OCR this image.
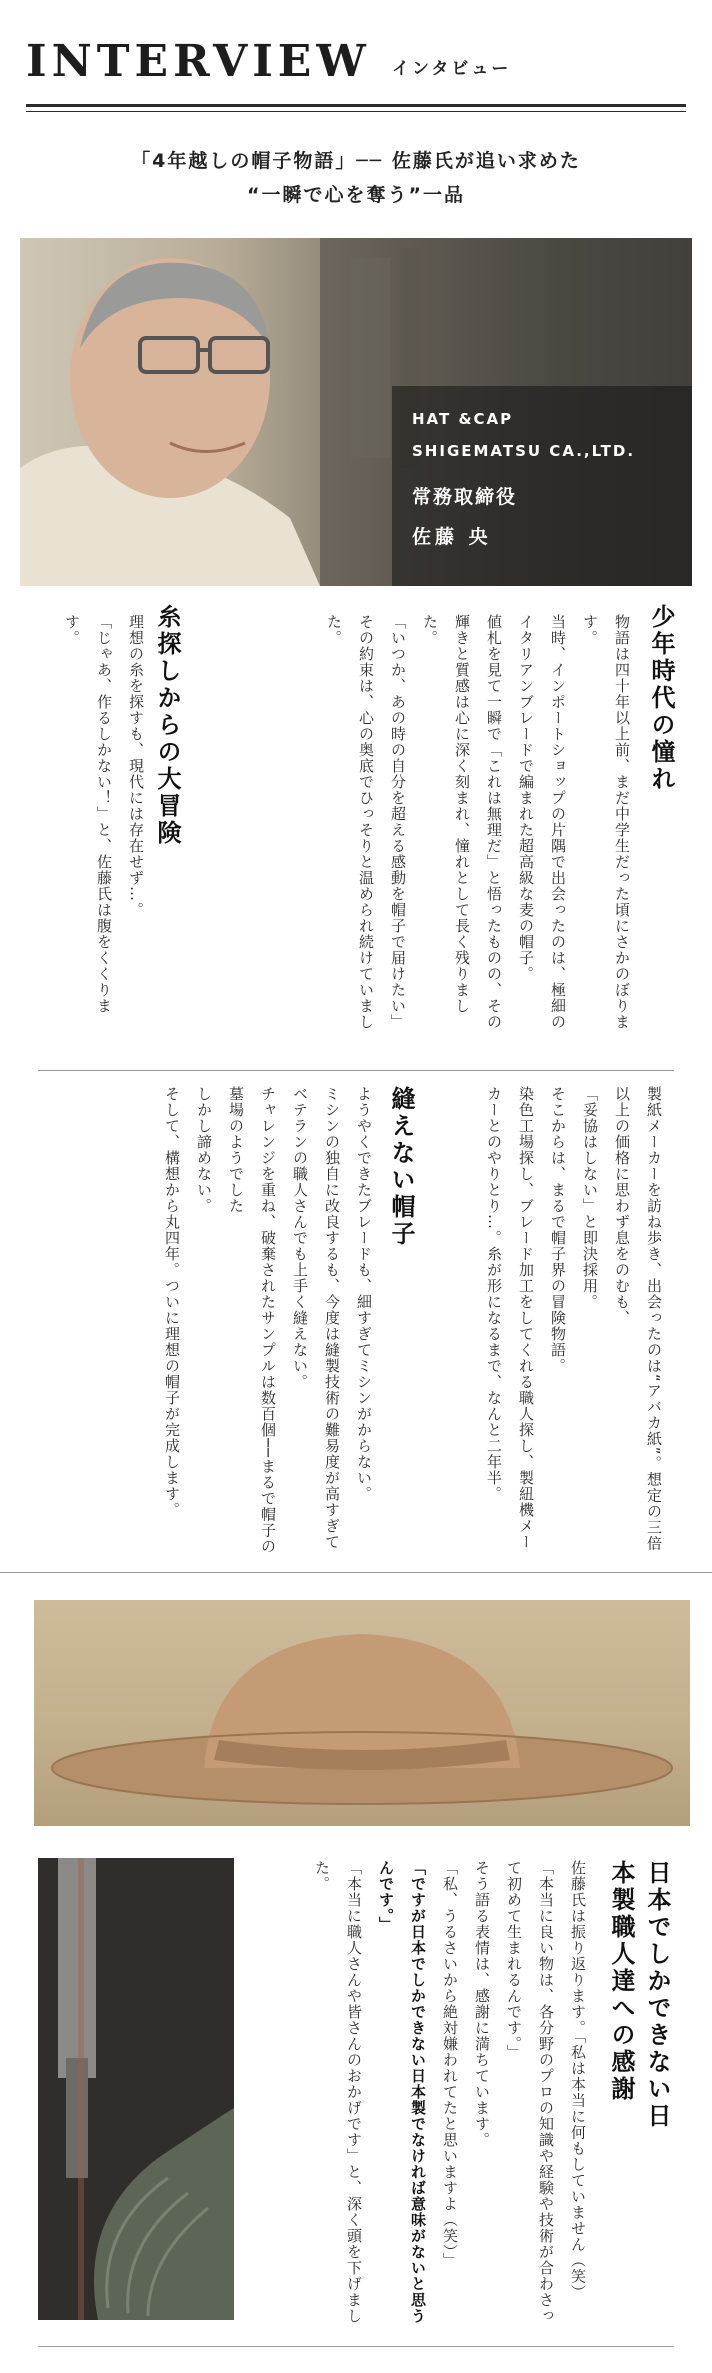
INTERVIEW インタビュー
「4年越しの帽子物語」── 佐藤氏が追い求めた
“一瞬で心を奪う”一品
HAT &CAP
SHIGEMATSU CA.,LTD.
常務取締役
佐藤 央
少年時代の憧れ

物語は四十年以上前、まだ中学生だった頃にさかのぼります。

当時、インポートショップの片隅で出会ったのは、極細のイタリアンブレードで編まれた超高級な麦の帽子。

値札を見て一瞬で「これは無理だ」と悟ったものの、その輝きと質感は心に深く刻まれ、憧れとして長く残りました。

「いつか、あの時の自分を超える感動を帽子で届けたい」

その約束は、心の奥底でひっそりと温められ続けていました。

糸探しからの大冒険

理想の糸を探すも、現代には存在せず…。

「じゃあ、作るしかない！」と、佐藤氏は腹をくくります。

製紙メーカーを訪ね歩き、出会ったのは“アバカ紙”。想定の三倍以上の価格に思わず息をのむも、

「妥協はしない」と即決採用。

そこからは、まるで帽子界の冒険物語。

染色工場探し、ブレード加工をしてくれる職人探し、製紐機メーカーとのやりとり…。糸が形になるまで、なんと二年半。

縫えない帽子

ようやくできたブレードも、細すぎてミシンがからない。

ミシンの独自に改良するも、今度は縫製技術の難易度が高すぎてベテランの職人さんでも上手く縫えない。

チャレンジを重ね、破棄されたサンプルは数百個──まるで帽子の墓場のようでした

しかし諦めない。

そして、構想から丸四年。ついに理想の帽子が完成します。

日本でしかできない日
本製職人達への感謝

佐藤氏は振り返ります。「私は本当に何もしていません（笑）

「本当に良い物は、各分野のプロの知識や経験や技術が合わさって初めて生まれるんです。」

そう語る表情は、感謝に満ちています。

「私、うるさいから絶対嫌われてたと思いますよ（笑）」

「ですが日本でしかできない日本製でなければ意味がないと思うんです。」

「本当に職人さんや皆さんのおかげです」と、深く頭を下げました。
